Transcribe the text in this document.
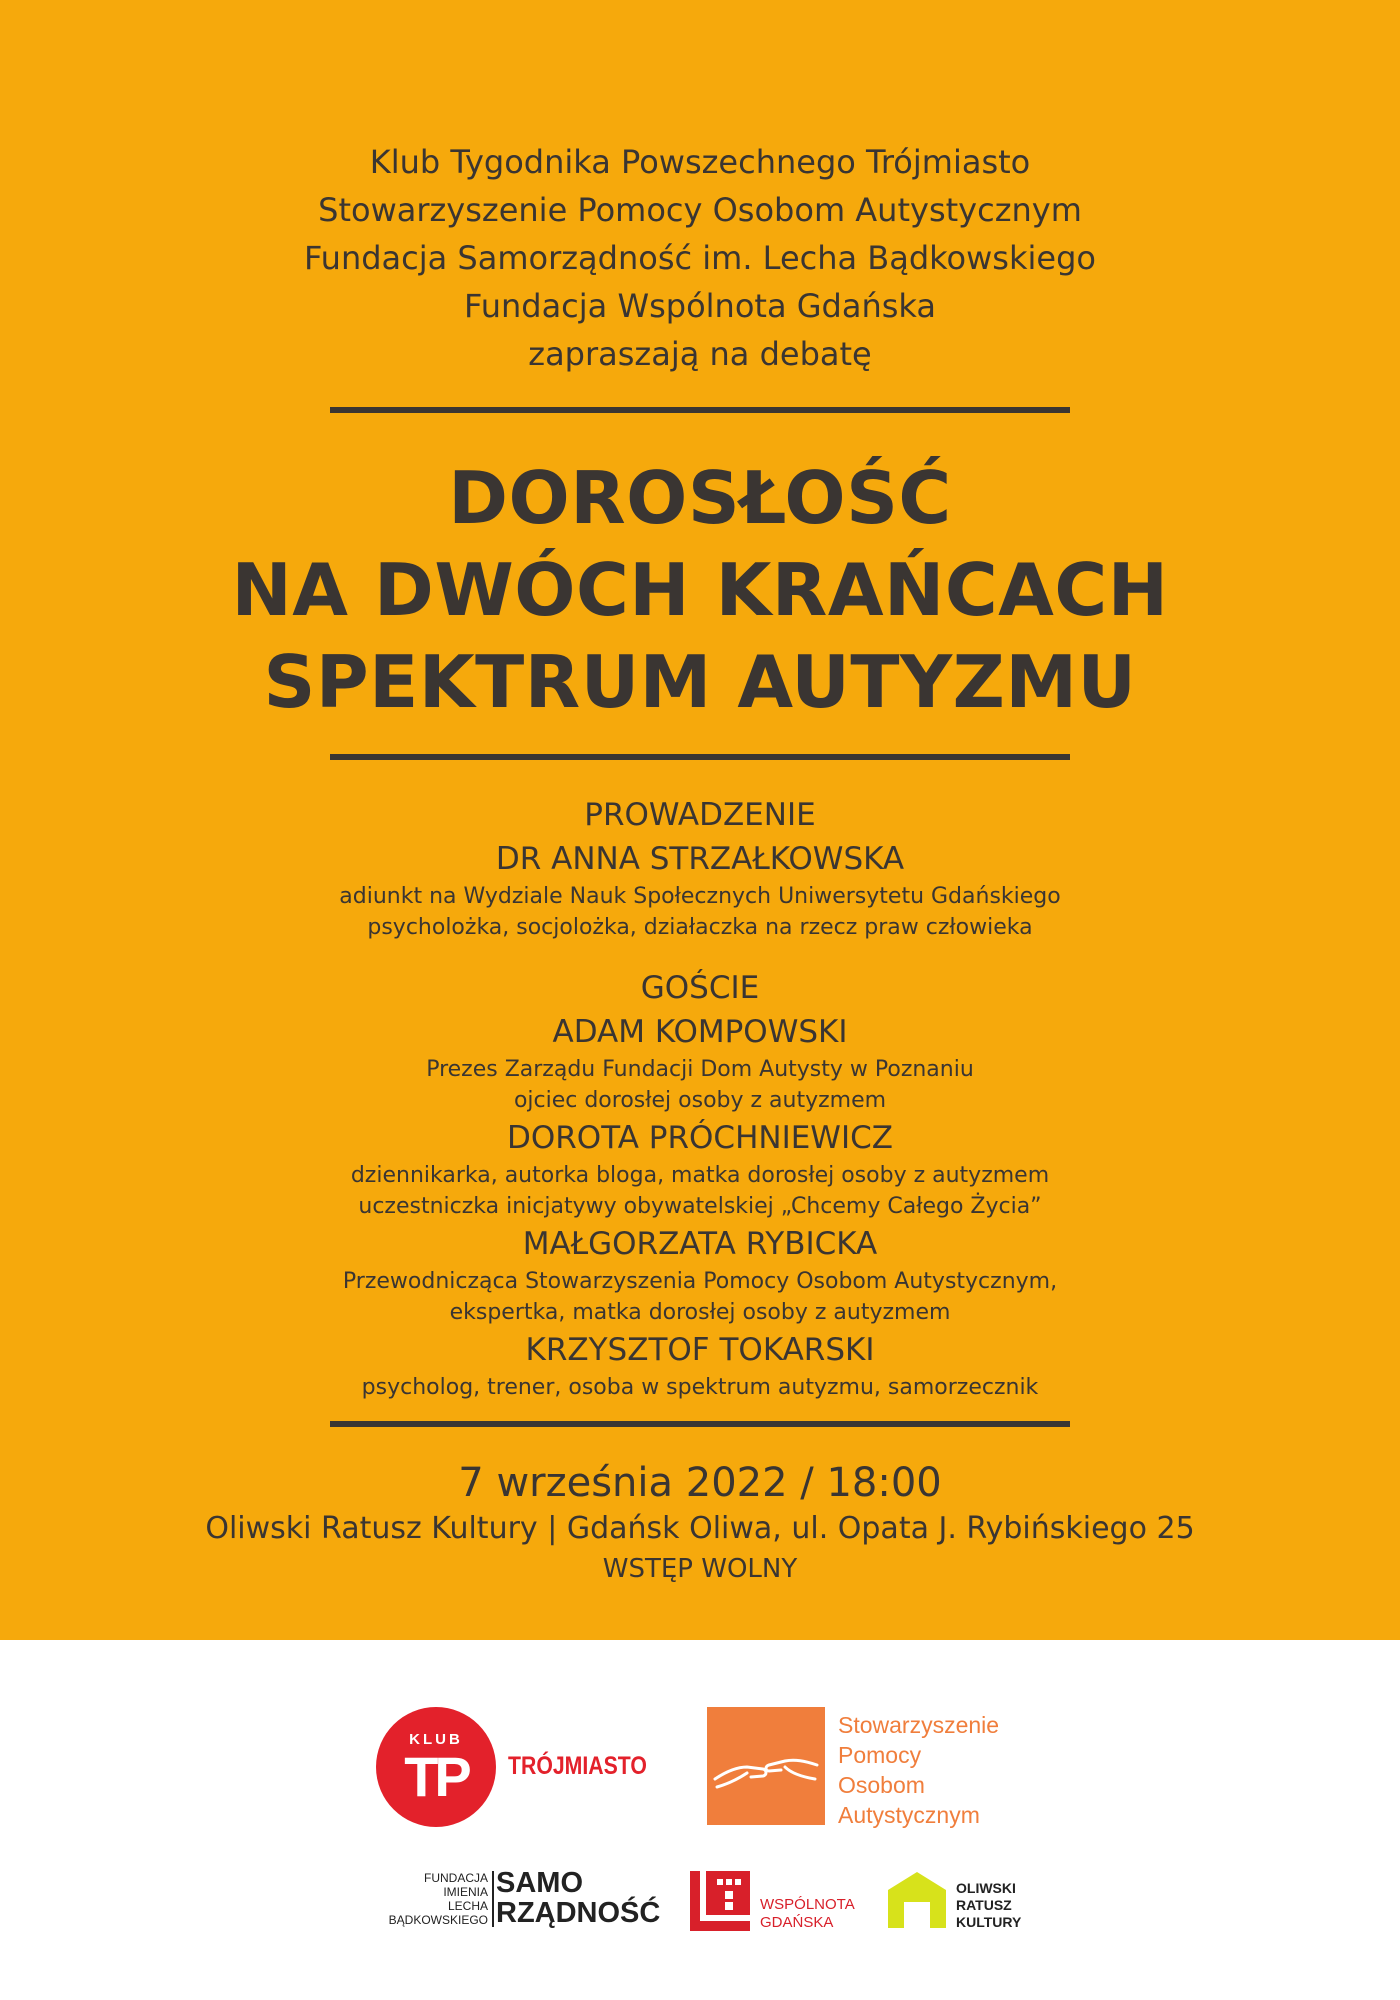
Klub Tygodnika Powszechnego Trójmiasto
Stowarzyszenie Pomocy Osobom Autystycznym
Fundacja Samorządność im. Lecha Bądkowskiego
Fundacja Wspólnota Gdańska
zapraszają na debatę
DOROSŁOŚĆ
NA DWÓCH KRAŃCACH
SPEKTRUM AUTYZMU
PROWADZENIE
DR ANNA STRZAŁKOWSKA
adiunkt na Wydziale Nauk Społecznych Uniwersytetu Gdańskiego
psycholożka, socjolożka, działaczka na rzecz praw człowieka
GOŚCIE
ADAM KOMPOWSKI
Prezes Zarządu Fundacji Dom Autysty w Poznaniu
ojciec dorosłej osoby z autyzmem
DOROTA PRÓCHNIEWICZ
dziennikarka, autorka bloga, matka dorosłej osoby z autyzmem
uczestniczka inicjatywy obywatelskiej „Chcemy Całego Życia”
MAŁGORZATA RYBICKA
Przewodnicząca Stowarzyszenia Pomocy Osobom Autystycznym,
ekspertka, matka dorosłej osoby z autyzmem
KRZYSZTOF TOKARSKI
psycholog, trener, osoba w spektrum autyzmu, samorzecznik
7 września 2022 / 18:00
Oliwski Ratusz Kultury | Gdańsk Oliwa, ul. Opata J. Rybińskiego 25
WSTĘP WOLNY
KLUB
TP	TRÓJMIASTO
Stowarzyszenie
Pomocy
Osobom
Autystycznym
FUNDACJA
IMIENIA
LECHA
BĄDKOWSKIEGO
SAMO
RZĄDNOŚĆ	WSPÓLNOTA
GDAŃSKA
OLIWSKI
RATUSZ
KULTURY
